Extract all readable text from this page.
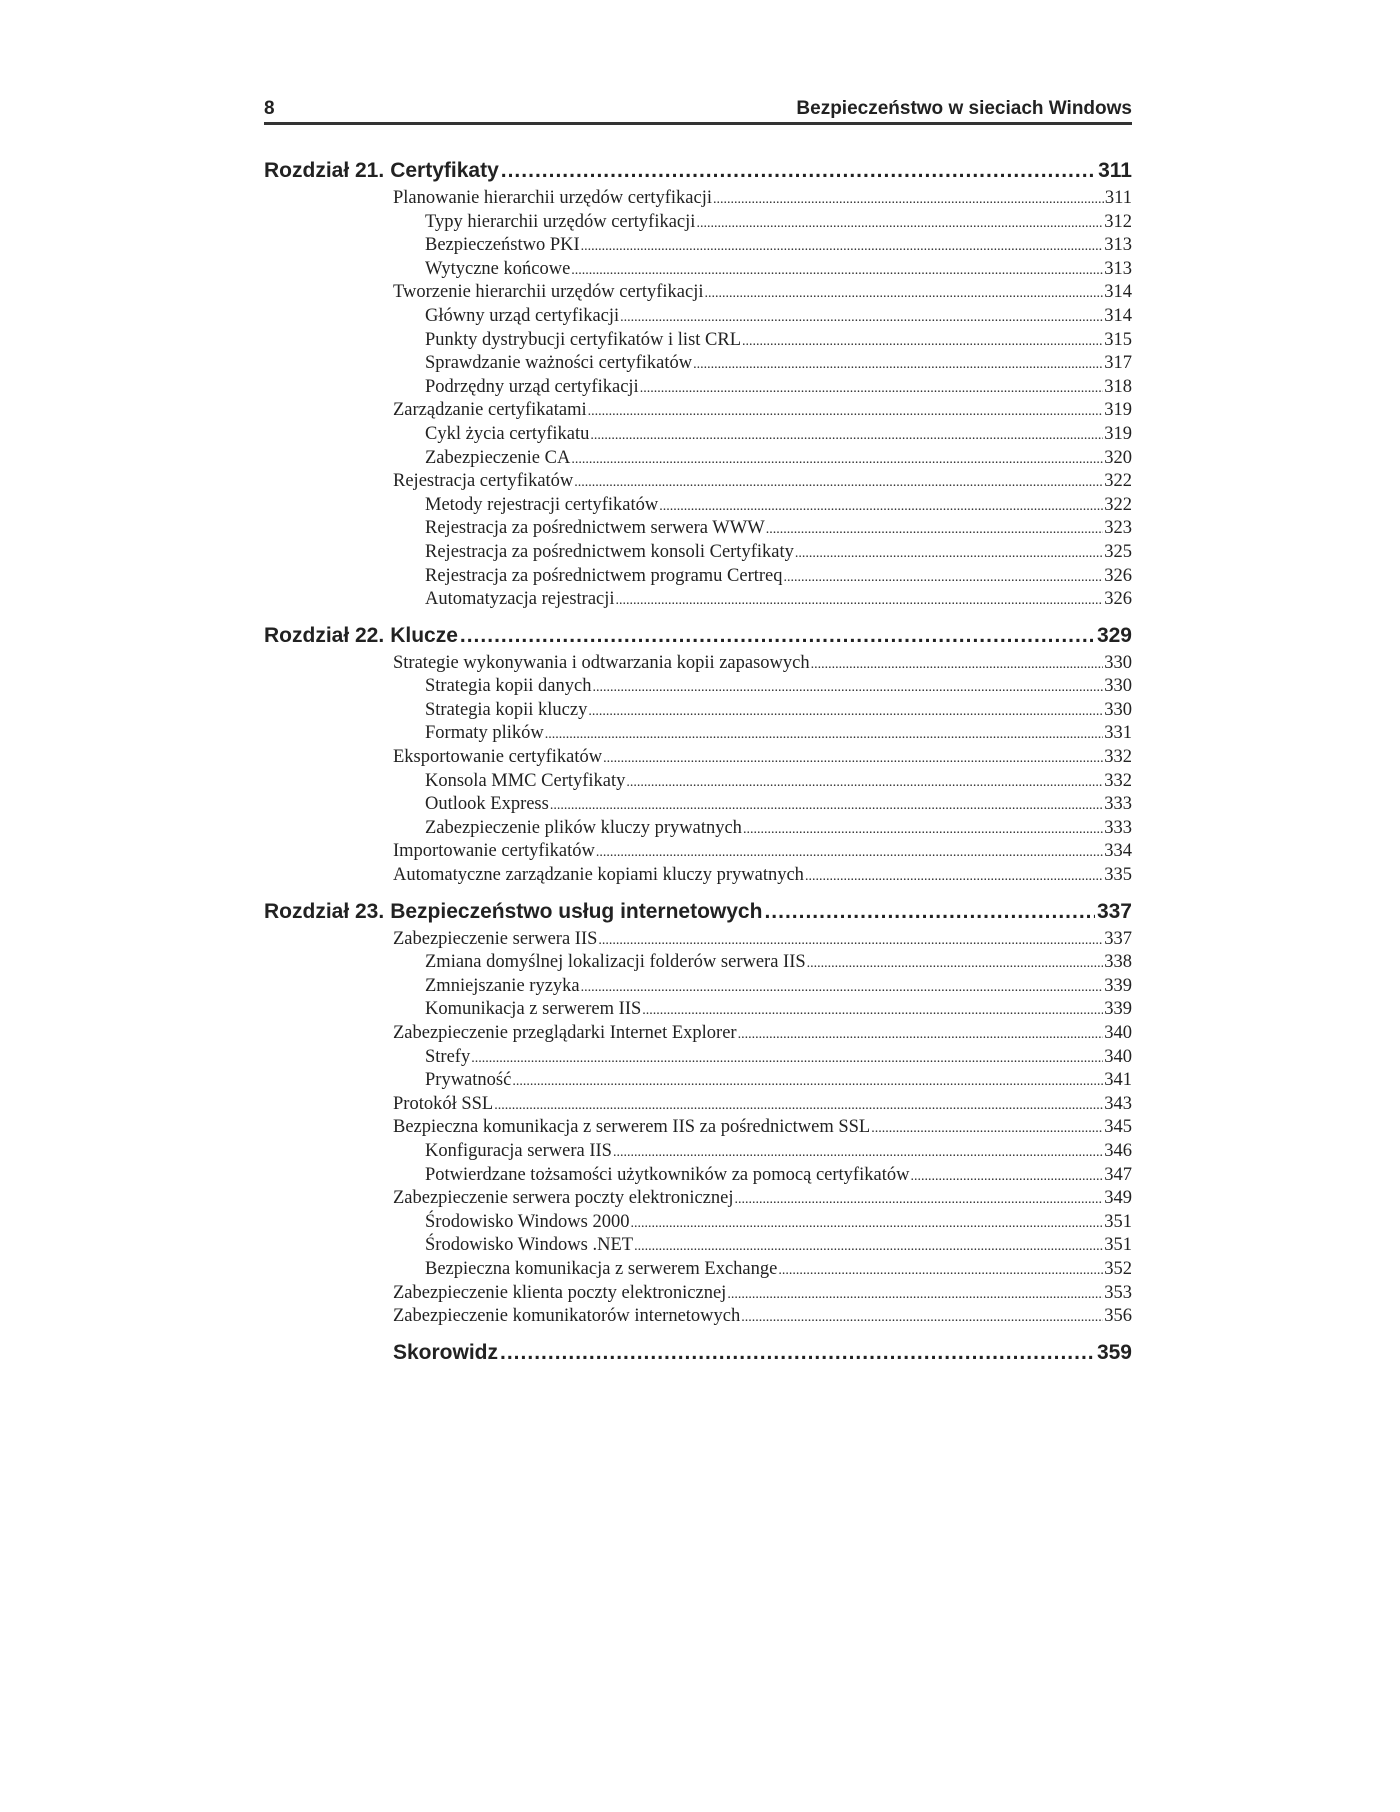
8	Bezpieczeństwo w sieciach Windows
Rozdział 21. Certyfikaty .....	311
Planowanie hierarchii urzędów certyfikacji .....	311
Typy hierarchii urzędów certyfikacji .....	312
Bezpieczeństwo PKI .....	313
Wytyczne końcowe .....	313
Tworzenie hierarchii urzędów certyfikacji .....	314
Główny urząd certyfikacji .....	314
Punkty dystrybucji certyfikatów i list CRL .....	315
Sprawdzanie ważności certyfikatów .....	317
Podrzędny urząd certyfikacji .....	318
Zarządzanie certyfikatami .....	319
Cykl życia certyfikatu .....	319
Zabezpieczenie CA .....	320
Rejestracja certyfikatów .....	322
Metody rejestracji certyfikatów .....	322
Rejestracja za pośrednictwem serwera WWW .....	323
Rejestracja za pośrednictwem konsoli Certyfikaty .....	325
Rejestracja za pośrednictwem programu Certreq .....	326
Automatyzacja rejestracji .....	326
Rozdział 22. Klucze .....	329
Strategie wykonywania i odtwarzania kopii zapasowych .....	330
Strategia kopii danych .....	330
Strategia kopii kluczy .....	330
Formaty plików .....	331
Eksportowanie certyfikatów .....	332
Konsola MMC Certyfikaty .....	332
Outlook Express .....	333
Zabezpieczenie plików kluczy prywatnych .....	333
Importowanie certyfikatów .....	334
Automatyczne zarządzanie kopiami kluczy prywatnych .....	335
Rozdział 23. Bezpieczeństwo usług internetowych .....	337
Zabezpieczenie serwera IIS .....	337
Zmiana domyślnej lokalizacji folderów serwera IIS .....	338
Zmniejszanie ryzyka .....	339
Komunikacja z serwerem IIS .....	339
Zabezpieczenie przeglądarki Internet Explorer .....	340
Strefy .....	340
Prywatność .....	341
Protokół SSL .....	343
Bezpieczna komunikacja z serwerem IIS za pośrednictwem SSL .....	345
Konfiguracja serwera IIS .....	346
Potwierdzane tożsamości użytkowników za pomocą certyfikatów .....	347
Zabezpieczenie serwera poczty elektronicznej .....	349
Środowisko Windows 2000 .....	351
Środowisko Windows .NET .....	351
Bezpieczna komunikacja z serwerem Exchange .....	352
Zabezpieczenie klienta poczty elektronicznej .....	353
Zabezpieczenie komunikatorów internetowych .....	356
Skorowidz .....	359
